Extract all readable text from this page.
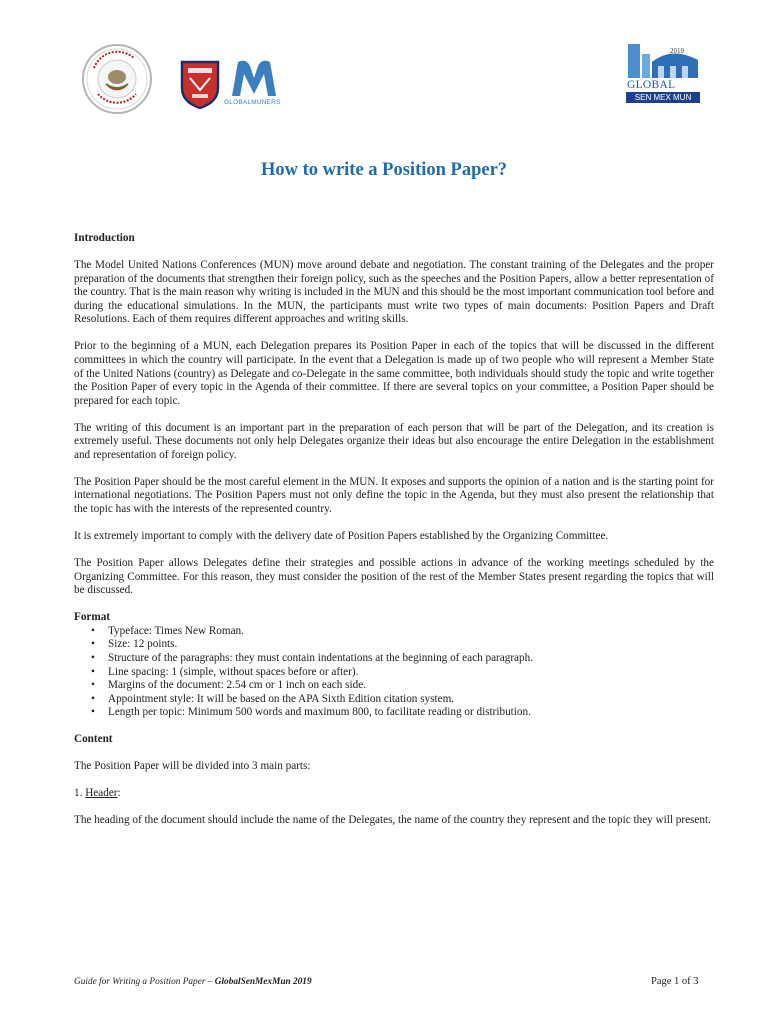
GLOBALMUNERS
2019
GLOBAL
SEN MEX MUN
How to write a Position Paper?

Introduction

The Model United Nations Conferences (MUN) move around debate and negotiation. The constant training of the Delegates and the proper preparation of the documents that strengthen their foreign policy, such as the speeches and the Position Papers, allow a better representation of the country. That is the main reason why writing is included in the MUN and this should be the most important communication tool before and during the educational simulations. In the MUN, the participants must write two types of main documents: Position Papers and Draft Resolutions. Each of them requires different approaches and writing skills.

Prior to the beginning of a MUN, each Delegation prepares its Position Paper in each of the topics that will be discussed in the different committees in which the country will participate. In the event that a Delegation is made up of two people who will represent a Member State of the United Nations (country) as Delegate and co-Delegate in the same committee, both individuals should study the topic and write together the Position Paper of every topic in the Agenda of their committee. If there are several topics on your committee, a Position Paper should be prepared for each topic.

The writing of this document is an important part in the preparation of each person that will be part of the Delegation, and its creation is extremely useful. These documents not only help Delegates organize their ideas but also encourage the entire Delegation in the establishment and representation of foreign policy.

The Position Paper should be the most careful element in the MUN. It exposes and supports the opinion of a nation and is the starting point for international negotiations. The Position Papers must not only define the topic in the Agenda, but they must also present the relationship that the topic has with the interests of the represented country.

It is extremely important to comply with the delivery date of Position Papers established by the Organizing Committee.

The Position Paper allows Delegates define their strategies and possible actions in advance of the working meetings scheduled by the Organizing Committee. For this reason, they must consider the position of the rest of the Member States present regarding the topics that will be discussed.

Format

• Typeface: Times New Roman.
• Size: 12 points.
• Structure of the paragraphs: they must contain indentations at the beginning of each paragraph.
• Line spacing: 1 (simple, without spaces before or after).
• Margins of the document: 2.54 cm or 1 inch on each side.
• Appointment style: It will be based on the APA Sixth Edition citation system.
• Length per topic: Minimum 500 words and maximum 800, to facilitate reading or distribution.

Content

The Position Paper will be divided into 3 main parts:

1. Header:

The heading of the document should include the name of the Delegates, the name of the country they represent and the topic they will present.

Guide for Writing a Position Paper – GlobalSenMexMun 2019	Page 1 of 3
